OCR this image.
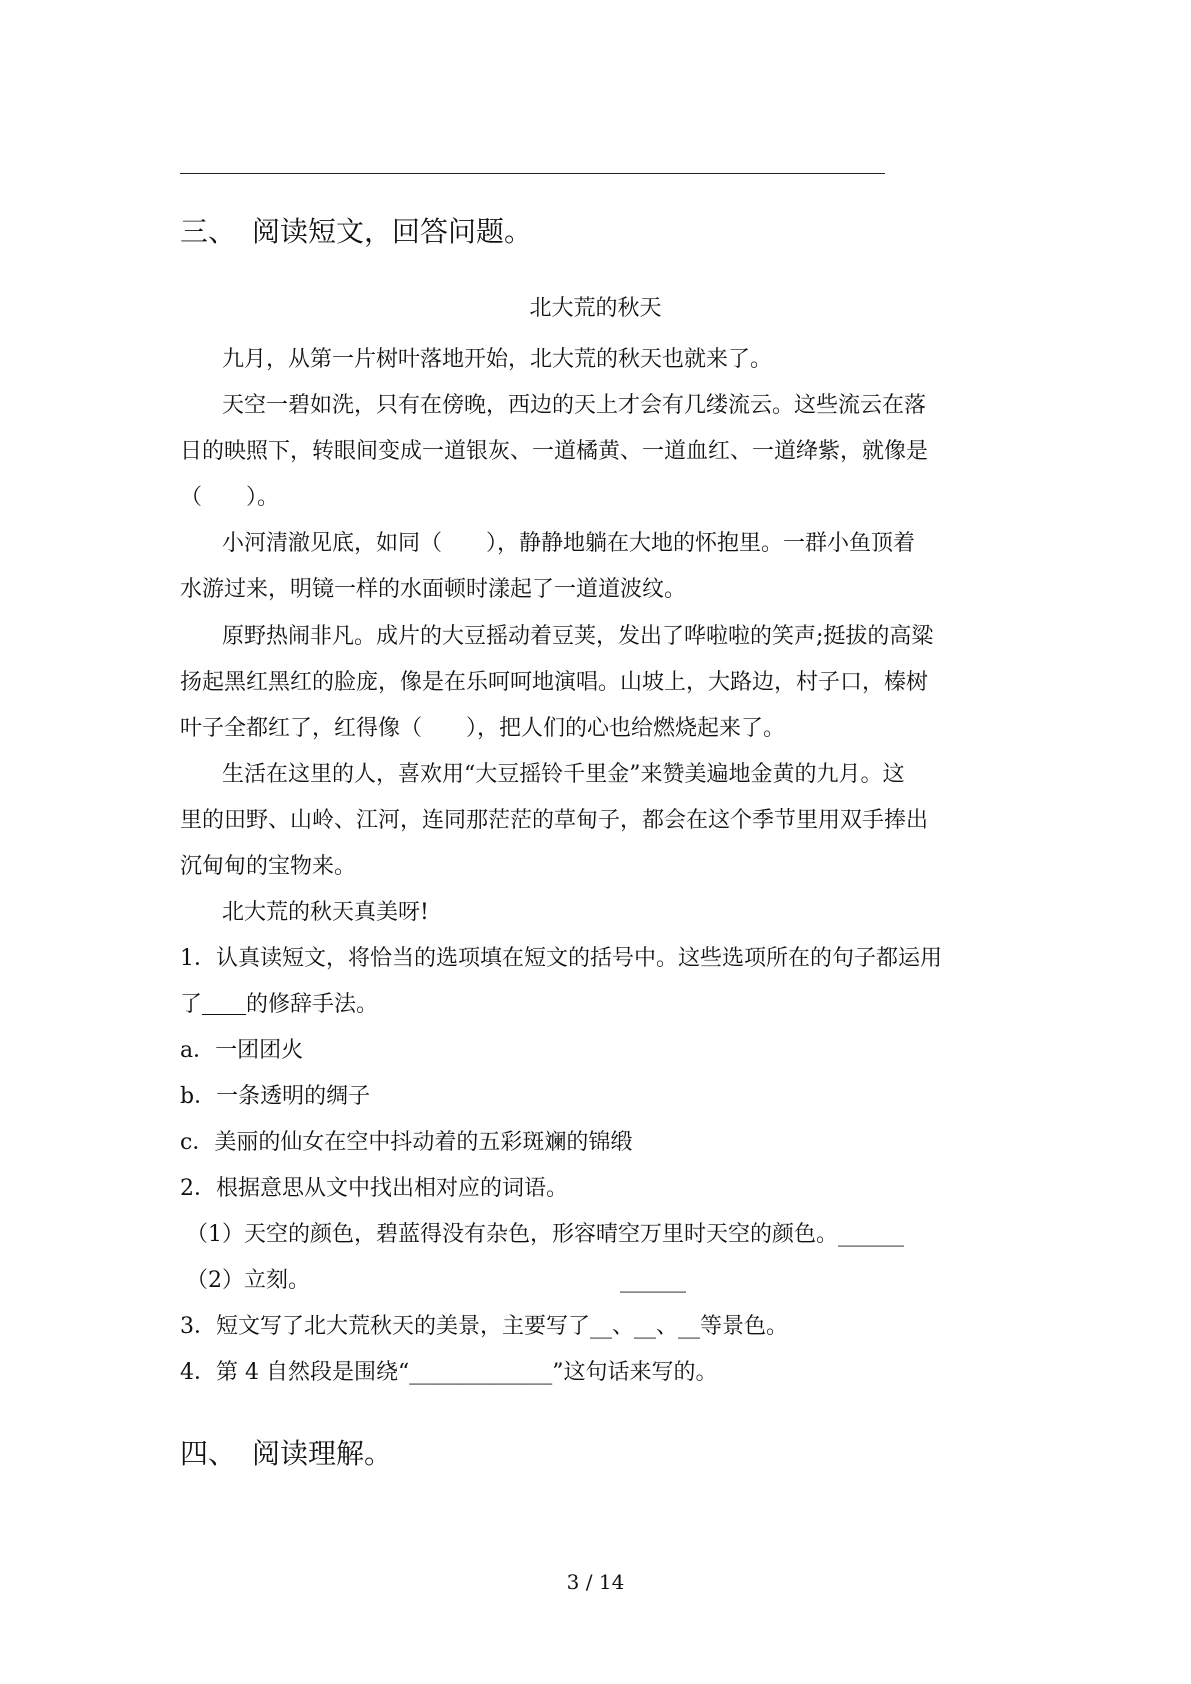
三、 阅读短文，回答问题。
北大荒的秋天
九月，从第一片树叶落地开始，北大荒的秋天也就来了。
天空一碧如洗，只有在傍晚，西边的天上才会有几缕流云。这些流云在落
日的映照下，转眼间变成一道银灰、一道橘黄、一道血红、一道绛紫，就像是
（　　）。
小河清澈见底，如同（　　），静静地躺在大地的怀抱里。一群小鱼顶着
水游过来，明镜一样的水面顿时漾起了一道道波纹。
原野热闹非凡。成片的大豆摇动着豆荚，发出了哗啦啦的笑声;挺拔的高粱
扬起黑红黑红的脸庞，像是在乐呵呵地演唱。山坡上，大路边，村子口，榛树
叶子全都红了，红得像（　　），把人们的心也给燃烧起来了。
生活在这里的人，喜欢用“大豆摇铃千里金”来赞美遍地金黄的九月。这
里的田野、山岭、江河，连同那茫茫的草甸子，都会在这个季节里用双手捧出
沉甸甸的宝物来。
北大荒的秋天真美呀!
1．认真读短文，将恰当的选项填在短文的括号中。这些选项所在的句子都运用
了 的修辞手法。
a．一团团火
b．一条透明的绸子
c．美丽的仙女在空中抖动着的五彩斑斓的锦缎
2．根据意思从文中找出相对应的词语。
（1）天空的颜色，碧蓝得没有杂色，形容晴空万里时天空的颜色。______
（2）立刻。	______
3．短文写了北大荒秋天的美景，主要写了__、__、__等景色。
4．第 4 自然段是围绕“_____________”这句话来写的。
四、 阅读理解。
3 / 14
